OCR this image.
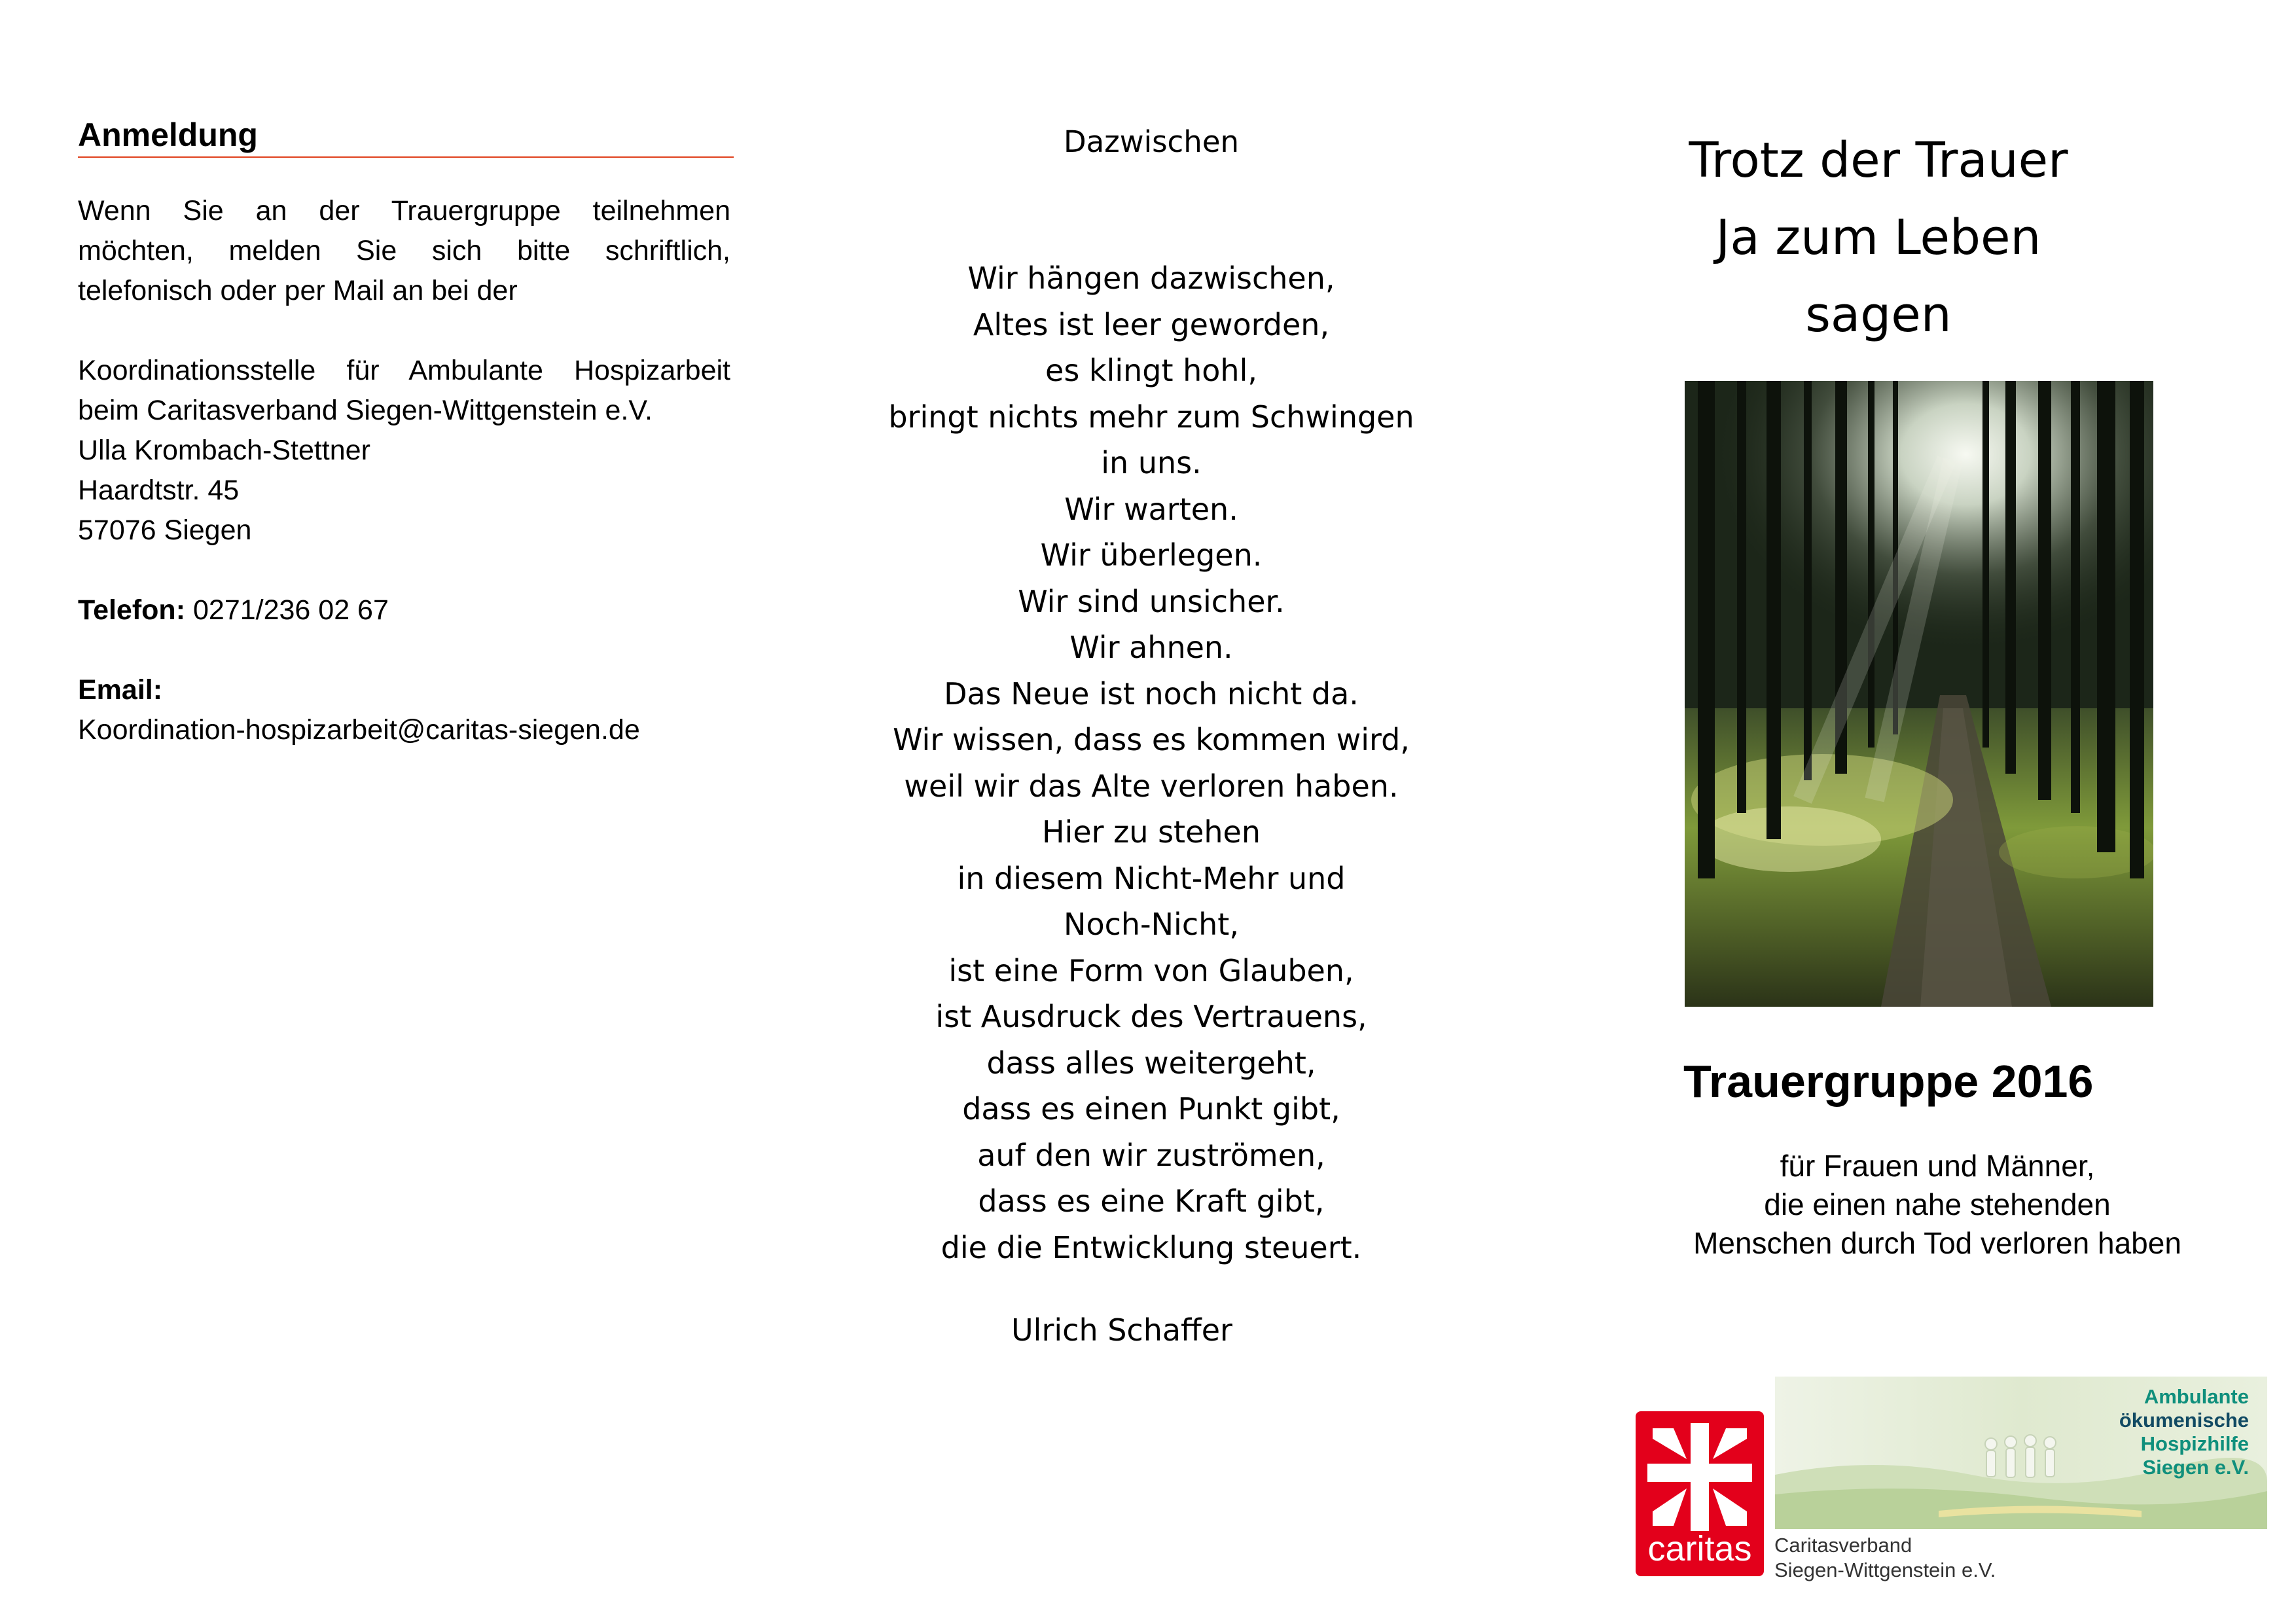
Anmeldung
Wenn Sie an der Trauergruppe teilnehmen möchten, melden Sie sich bitte schriftlich, telefonisch oder per Mail an bei der
Koordinationsstelle für Ambulante Hospizarbeit
beim Caritasverband Siegen-Wittgenstein e.V.
Ulla Krombach-Stettner
Haardtstr. 45
57076 Siegen
Telefon: 0271/236 02 67
Email:
Koordination-hospizarbeit@caritas-siegen.de
Dazwischen
Wir hängen dazwischen,
Altes ist leer geworden,
es klingt hohl,
bringt nichts mehr zum Schwingen
in uns.
Wir warten.
Wir überlegen.
Wir sind unsicher.
Wir ahnen.
Das Neue ist noch nicht da.
Wir wissen, dass es kommen wird,
weil wir das Alte verloren haben.
Hier zu stehen
in diesem Nicht-Mehr und
Noch-Nicht,
ist eine Form von Glauben,
ist Ausdruck des Vertrauens,
dass alles weitergeht,
dass es einen Punkt gibt,
auf den wir zuströmen,
dass es eine Kraft gibt,
die die Entwicklung steuert.
Ulrich Schaffer
Trotz der Trauer
Ja zum Leben
sagen
Trauergruppe 2016
für Frauen und Männer,
die einen nahe stehenden
Menschen durch Tod verloren haben
caritas
Ambulante
ökumenische
Hospizhilfe
Siegen e.V.
Caritasverband
Siegen-Wittgenstein e.V.
